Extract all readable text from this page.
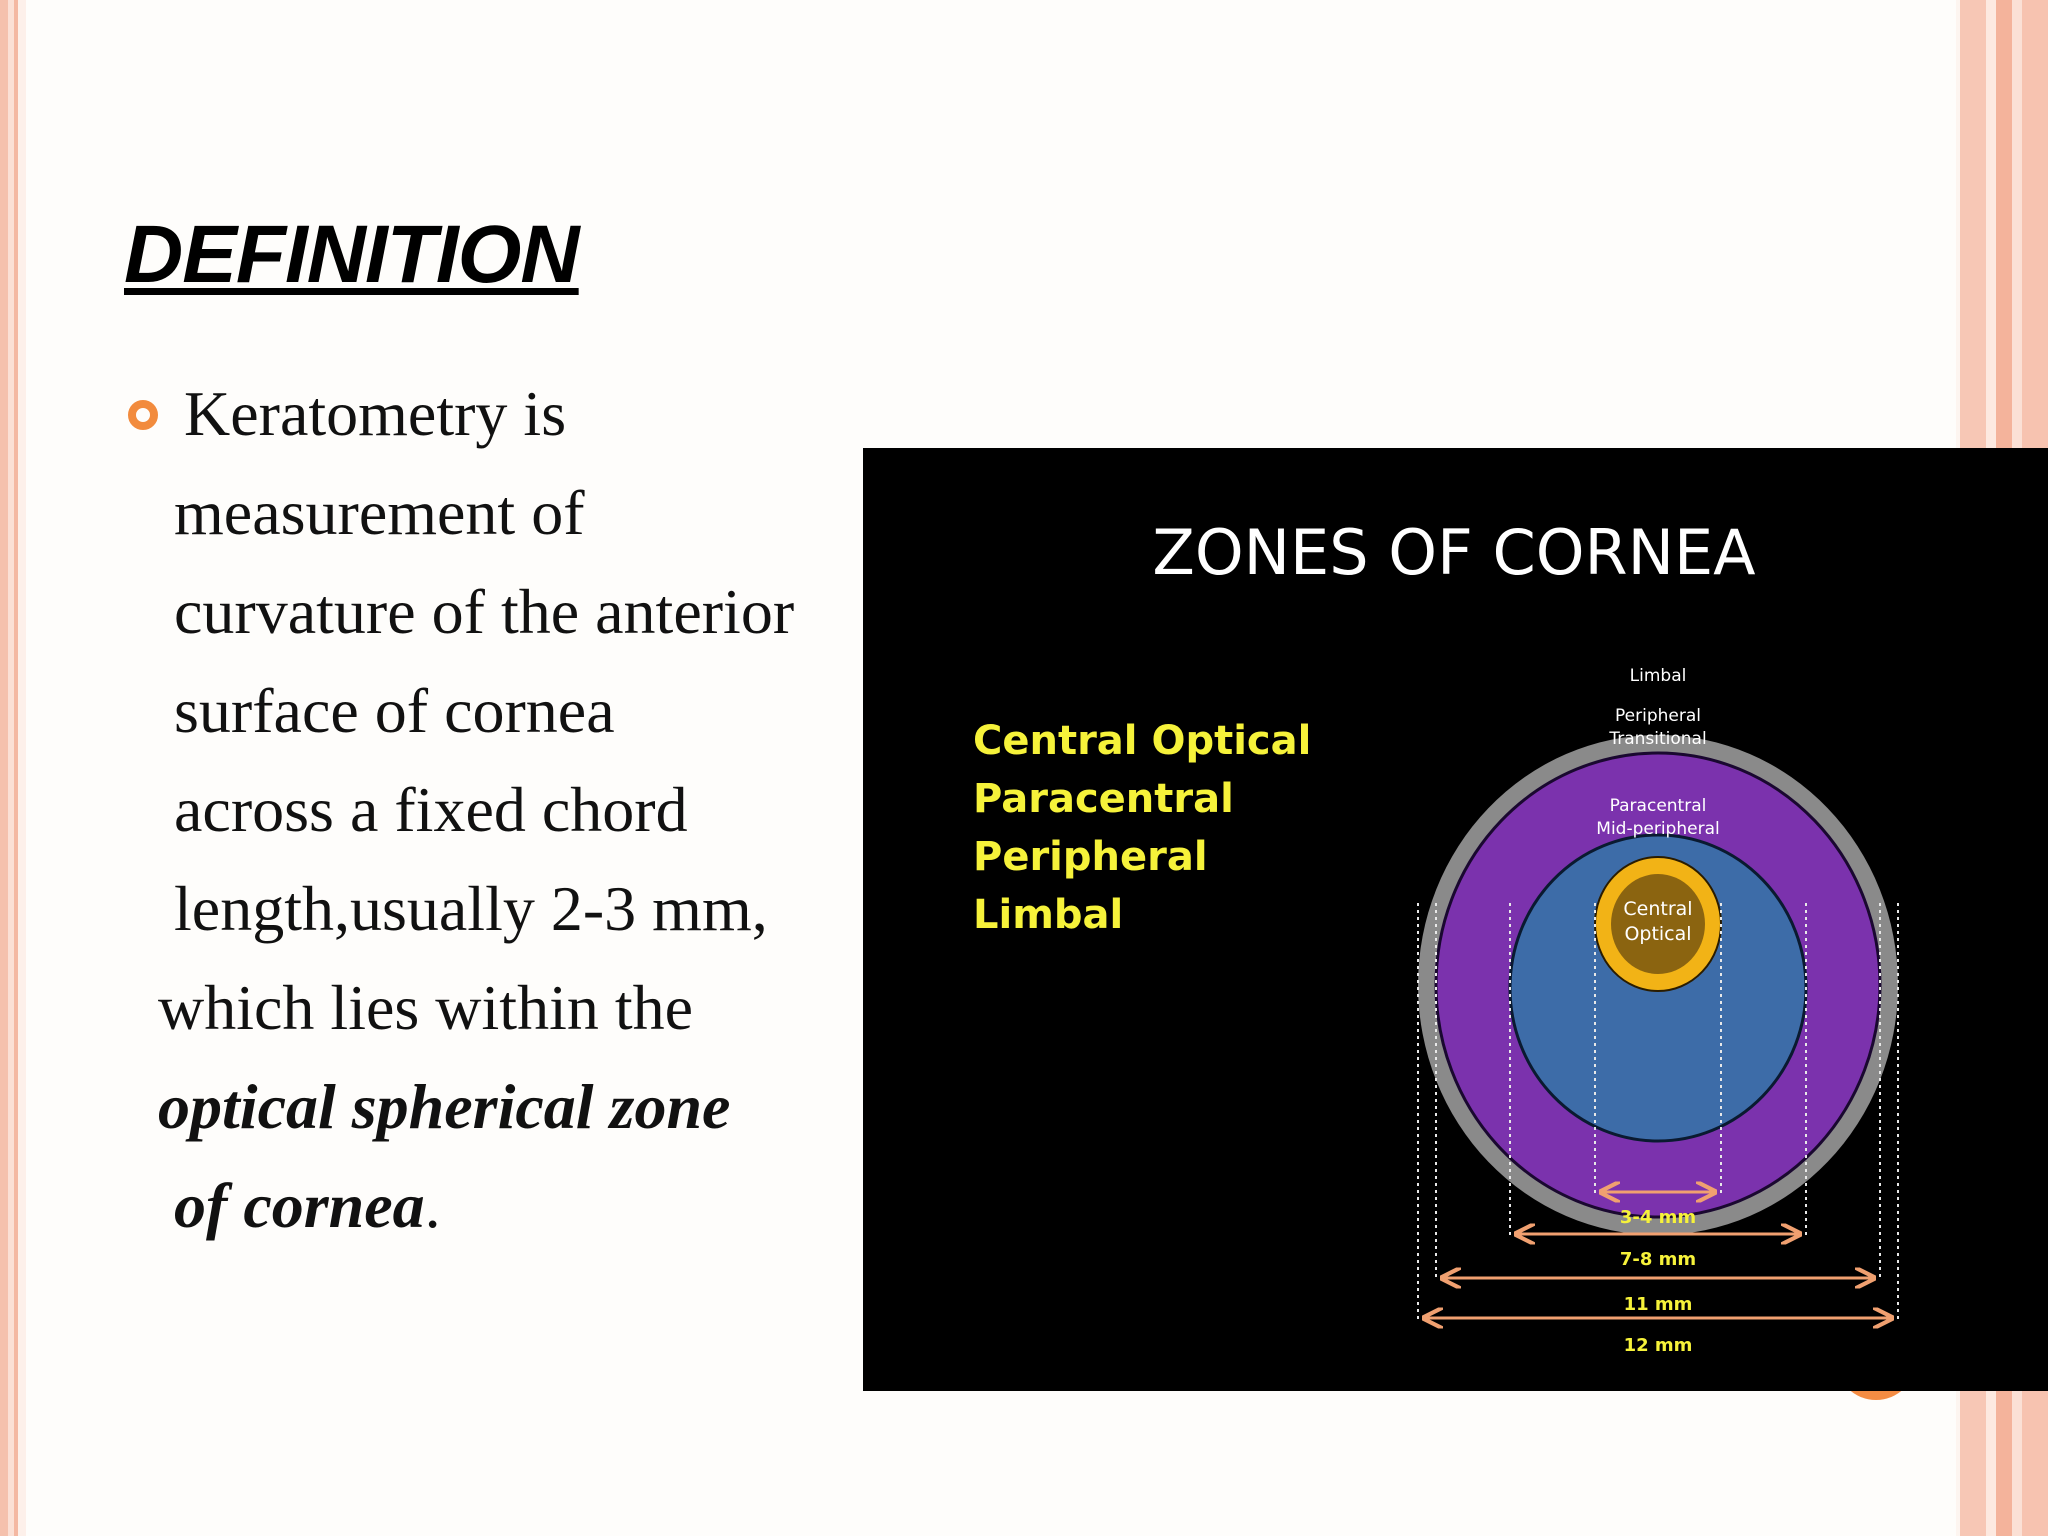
DEFINITION
Keratometry is
measurement of
curvature of the anterior
surface of cornea
across a fixed chord
length,usually 2-3 mm,
which lies within the
optical spherical zone
of cornea.
ZONES OF CORNEA
Central Optical
Paracentral
Peripheral
Limbal
Limbal
Peripheral
Transitional
Paracentral
Mid-peripheral
Central
Optical
3-4 mm
7-8 mm
11 mm
12 mm
